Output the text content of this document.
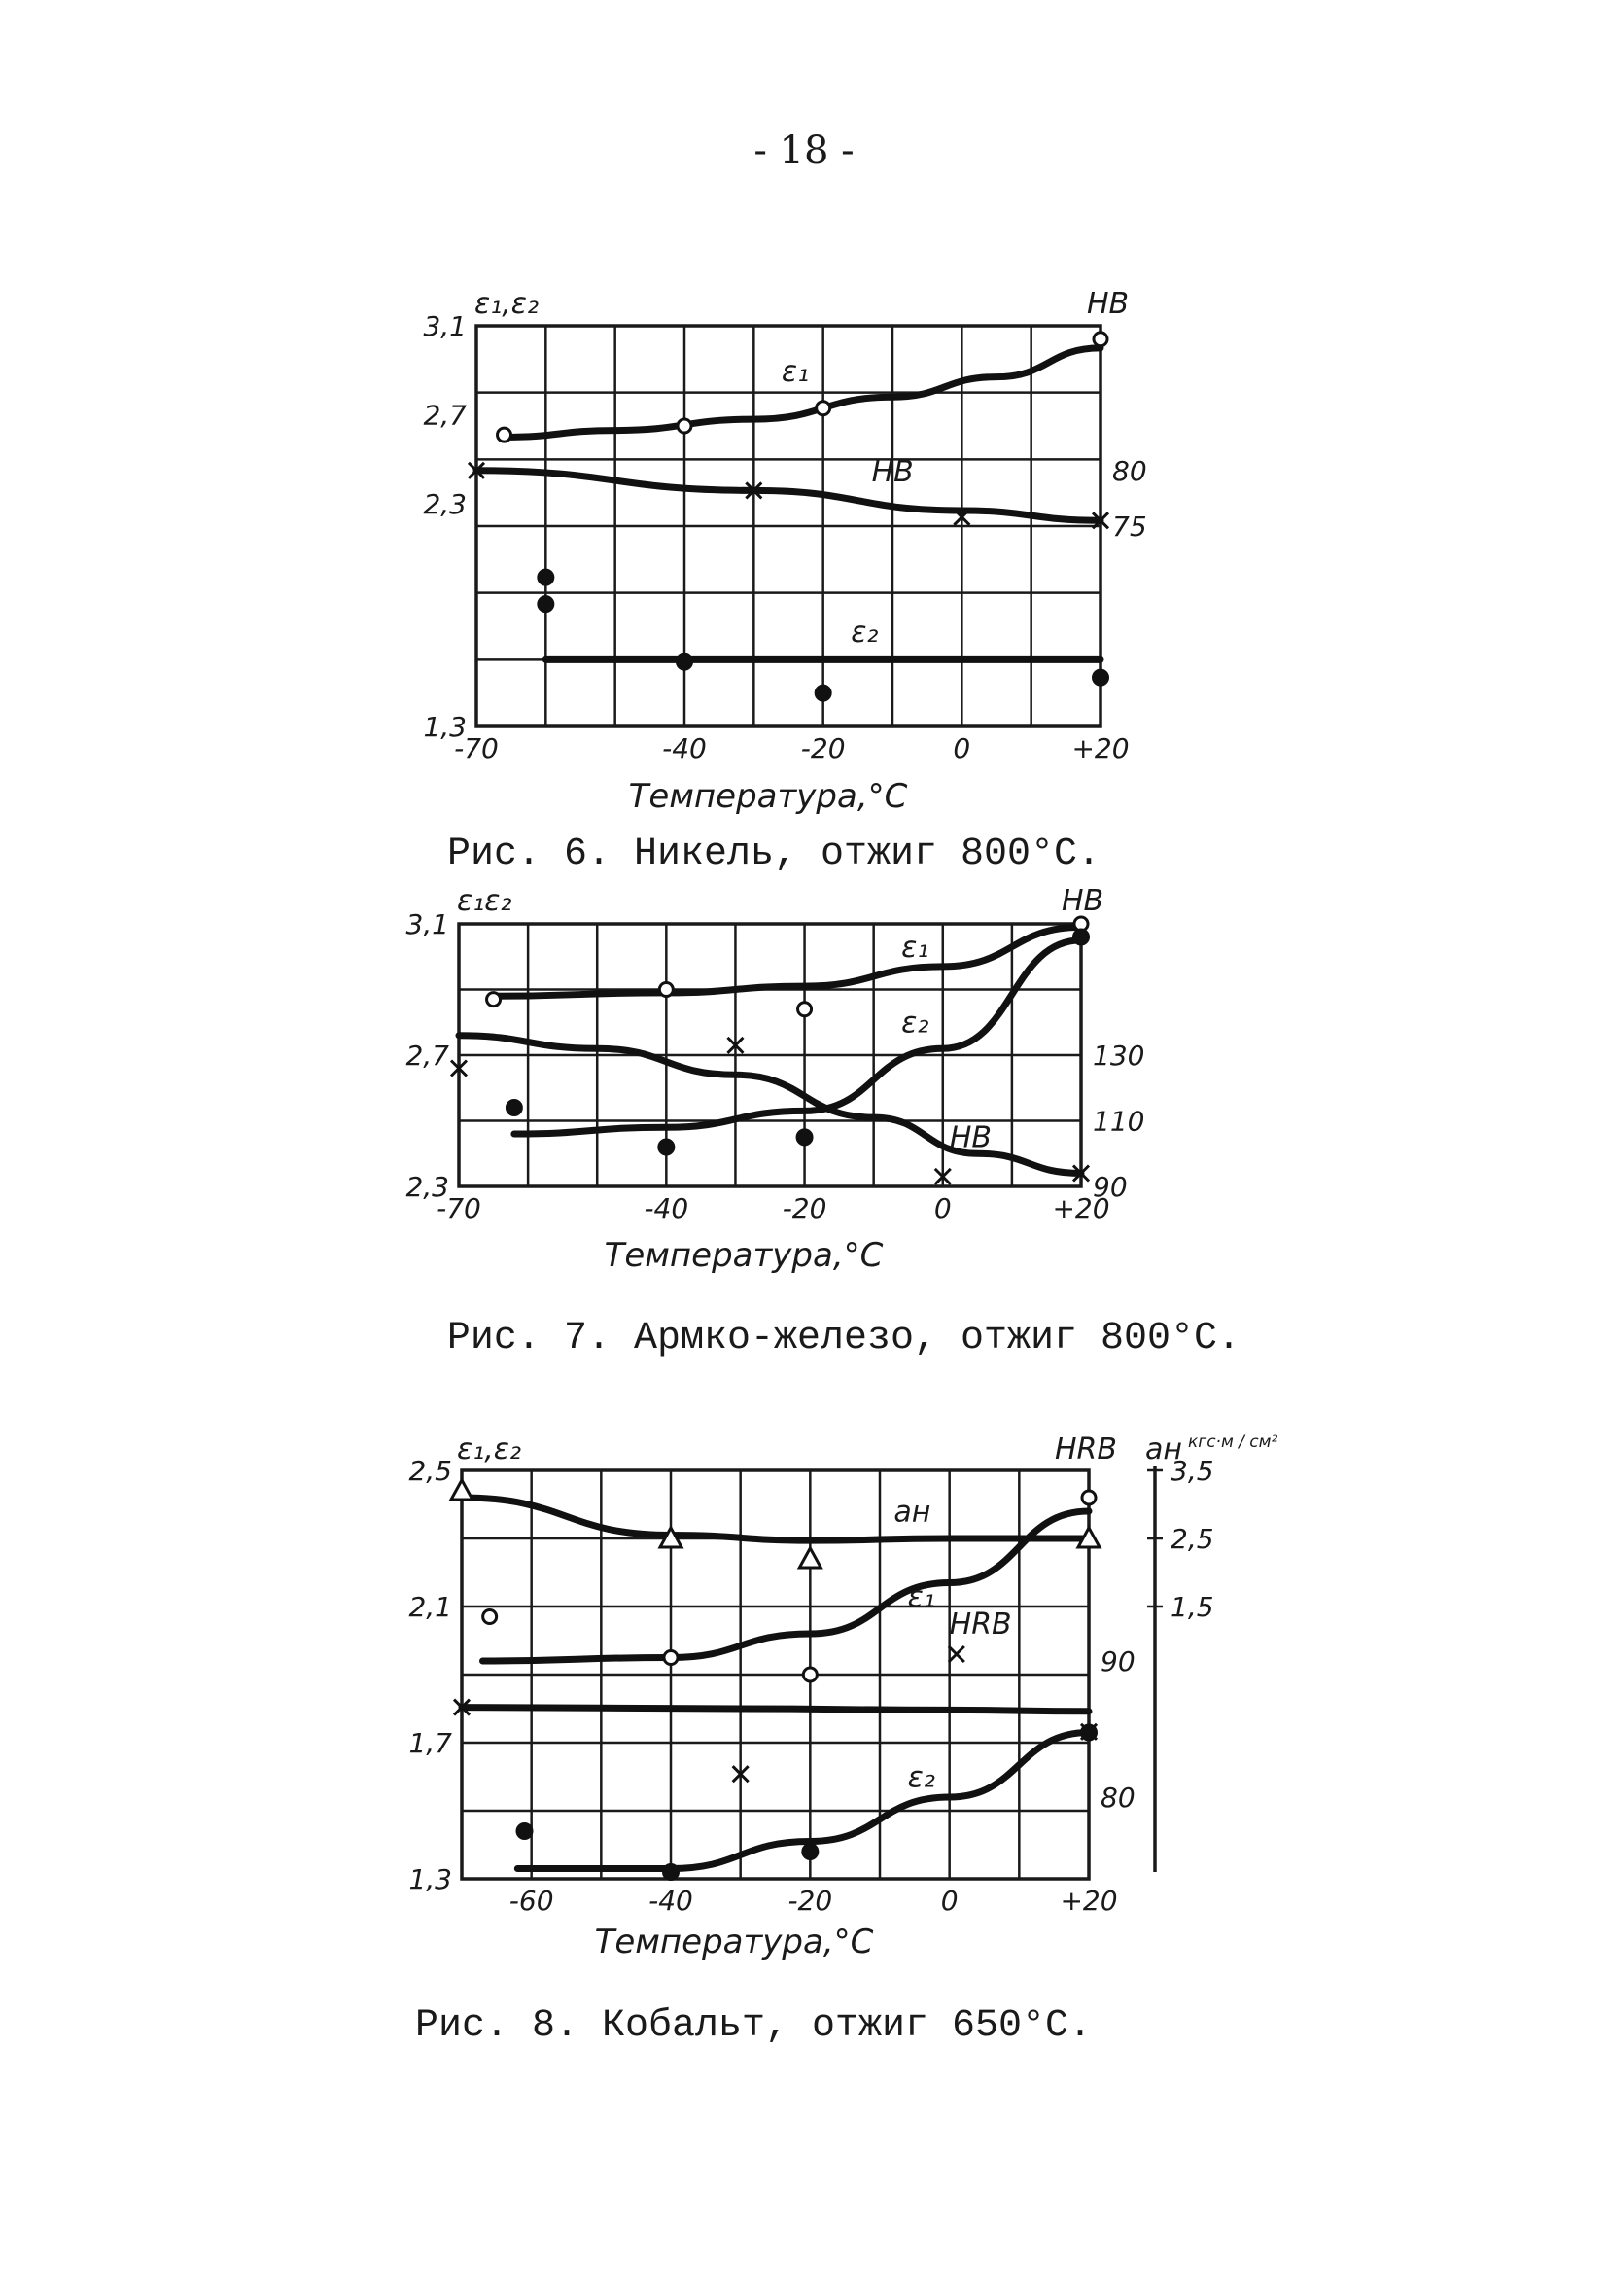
- 18 -
-70	-40	-20	0	+20
1,3
2,3
2,7
3,1
75
80
ε₁
НВ
ε₂
ε₁,ε₂	НВ
Температура,°С
Рис. 6. Никель, отжиг 800°С.
-70	-40	-20	0	+20
2,3
2,7
3,1
90
110
130
ε₁
ε₂
НВ
ε₁ε₂	НВ
Температура,°С
Рис. 7. Армко-железо, отжиг 800°С.
-60	-40	-20	0	+20
1,3
1,7
2,1
2,5
80
90
aн
ε₁
НRВ
ε₂
1,5
2,5
3,5
ε₁,ε₂	НRВ aн кгс·м / см²
Температура,°С
Рис. 8. Кобальт, отжиг 650°С.
